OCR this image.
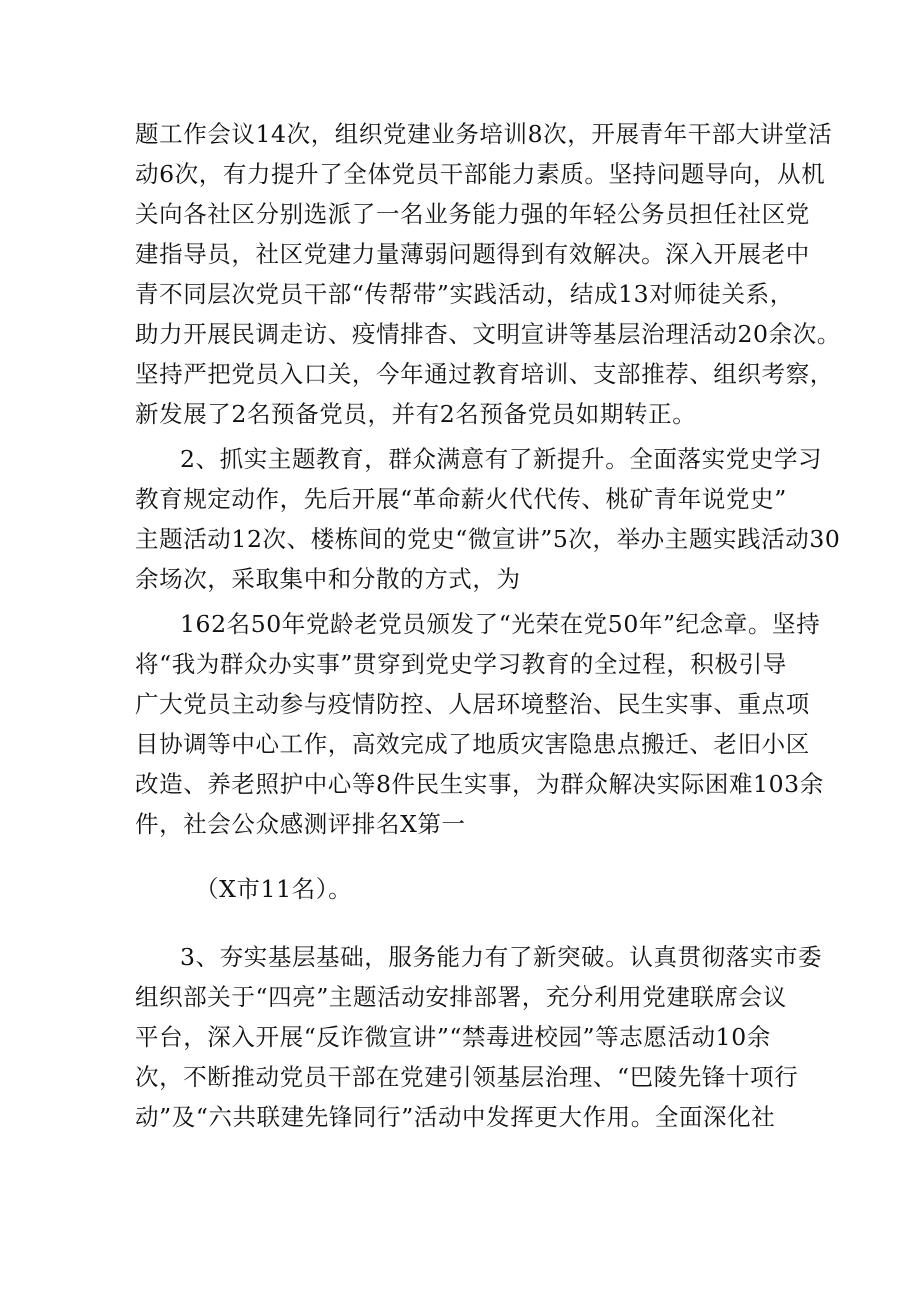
题工作会议14次，组织党建业务培训8次，开展青年干部大讲堂活

动6次，有力提升了全体党员干部能力素质。坚持问题导向，从机

关向各社区分别选派了一名业务能力强的年轻公务员担任社区党

建指导员，社区党建力量薄弱问题得到有效解决。深入开展老中

青不同层次党员干部“传帮带”实践活动，结成13对师徒关系，

助力开展民调走访、疫情排杳、文明宣讲等基层治理活动20余次。

坚持严把党员入口关，今年通过教育培训、支部推荐、组织考察，

新发展了2名预备党员，并有2名预备党员如期转正。

2、抓实主题教育，群众满意有了新提升。全面落实党史学习

教育规定动作，先后开展“革命薪火代代传、桃矿青年说党史”

主题活动12次、楼栋间的党史“微宣讲”5次，举办主题实践活动30

余场次，采取集中和分散的方式，为

162名50年党龄老党员颁发了“光荣在党50年”纪念章。坚持

将“我为群众办实事”贯穿到党史学习教育的全过程，积极引导

广大党员主动参与疫情防控、人居环境整治、民生实事、重点项

目协调等中心工作，高效完成了地质灾害隐患点搬迁、老旧小区

改造、养老照护中心等8件民生实事，为群众解决实际困难103余

件，社会公众感测评排名X第一

（X市11名）。

3、夯实基层基础，服务能力有了新突破。认真贯彻落实市委

组织部关于“四亮”主题活动安排部署，充分利用党建联席会议

平台，深入开展“反诈微宣讲”“禁毒进校园”等志愿活动10余

次，不断推动党员干部在党建引领基层治理、“巴陵先锋十项行

动”及“六共联建先锋同行”活动中发挥更大作用。全面深化社
